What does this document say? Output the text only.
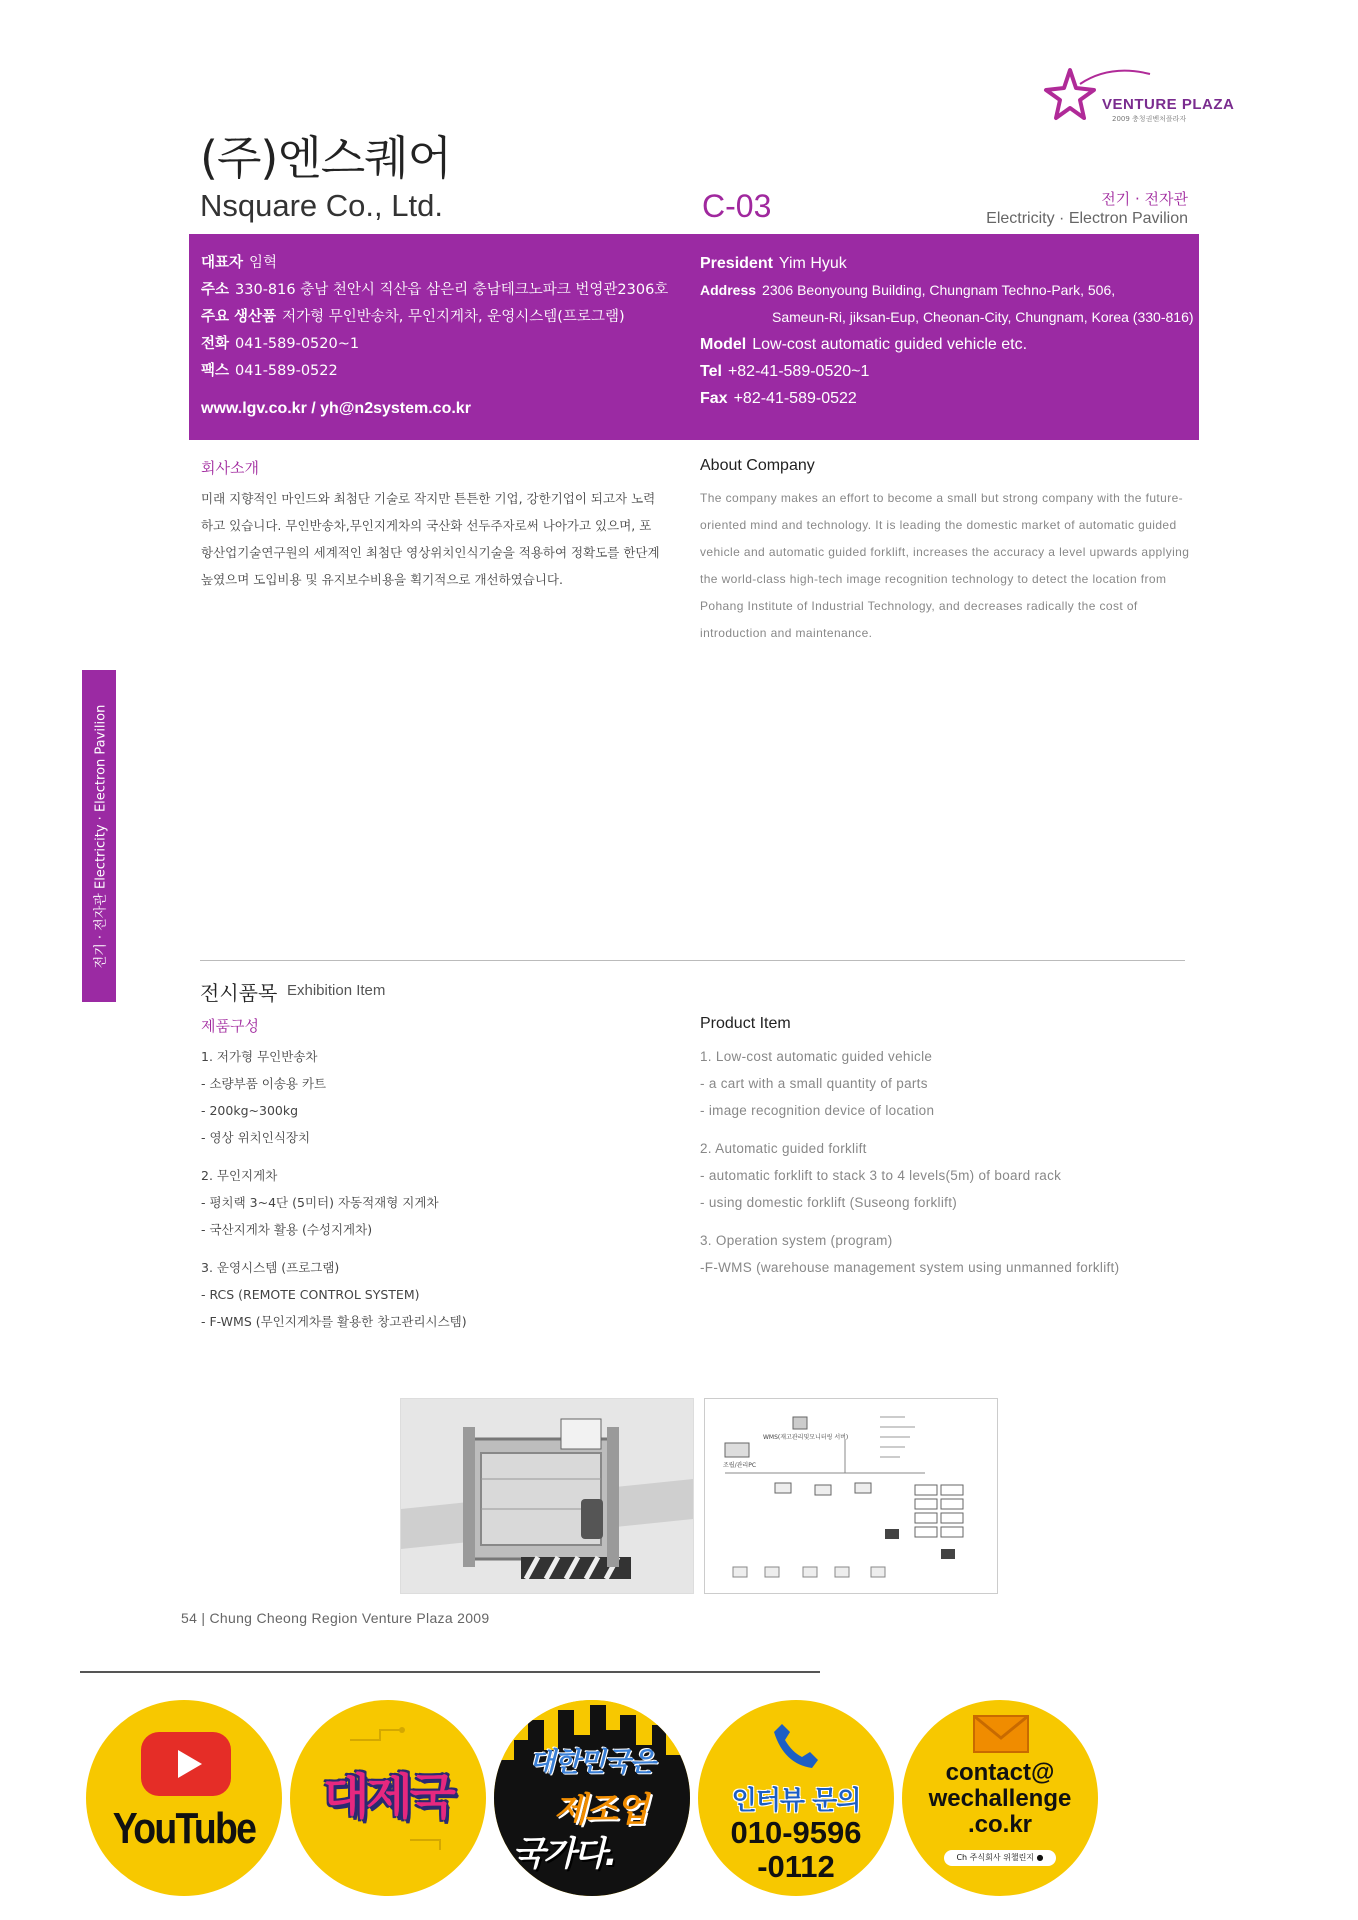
VENTURE PLAZA
2009 충청권벤처플라자
(주)엔스퀘어
Nsquare Co., Ltd.	C-03	전기 · 전자관
Electricity · Electron Pavilion
대표자 임혁
주소 330-816 충남 천안시 직산읍 삼은리 충남테크노파크 번영관2306호
주요 생산품 저가형 무인반송차, 무인지게차, 운영시스템(프로그램)
전화 041-589-0520~1
팩스 041-589-0522
www.lgv.co.kr / yh@n2system.co.kr
President Yim Hyuk
Address 2306 Beonyoung Building, Chungnam Techno-Park, 506,
Sameun-Ri, jiksan-Eup, Cheonan-City, Chungnam, Korea (330-816)
Model Low-cost automatic guided vehicle etc.
Tel +82-41-589-0520~1
Fax +82-41-589-0522
회사소개	About Company
미래 지향적인 마인드와 최첨단 기술로 작지만 튼튼한 기업, 강한기업이 되고자 노력하고 있습니다. 무인반송차,무인지게차의 국산화 선두주자로써 나아가고 있으며, 포항산업기술연구원의 세계적인 최첨단 영상위치인식기술을 적용하여 정확도를 한단계 높였으며 도입비용 및 유지보수비용을 획기적으로 개선하였습니다.
The company makes an effort to become a small but strong company with the future-oriented mind and technology. It is leading the domestic market of automatic guided vehicle and automatic guided forklift, increases the accuracy a level upwards applying the world-class high-tech image recognition technology to detect the location from Pohang Institute of Industrial Technology, and decreases radically the cost of introduction and maintenance.
전기 · 전자관 Electricity · Electron Pavilion
전시품목 Exhibition Item
제품구성	Product Item
1. 저가형 무인반송차
- 소량부품 이송용 카트
- 200kg~300kg
- 영상 위치인식장치
2. 무인지게차
- 평치랙 3~4단 (5미터) 자동적재형 지게차
- 국산지게차 활용 (수성지게차)
3. 운영시스템 (프로그램)
- RCS (REMOTE CONTROL SYSTEM)
- F-WMS (무인지게차를 활용한 창고관리시스템)
1. Low-cost automatic guided vehicle
- a cart with a small quantity of parts
- image recognition device of location
2. Automatic guided forklift
- automatic forklift to stack 3 to 4 levels(5m) of board rack
- using domestic forklift (Suseong forklift)
3. Operation system (program)
-F-WMS (warehouse management system using unmanned forklift)
WMS(재고관리및모니터링 서버)
조립/관리PC
54 | Chung Cheong Region Venture Plaza 2009
YouTube
대제국
대한민국은
제조업
국가다.
인터뷰 문의
010-9596
-0112
contact@
wechallenge
.co.kr
Ch 주식회사 위챌린지 ●
